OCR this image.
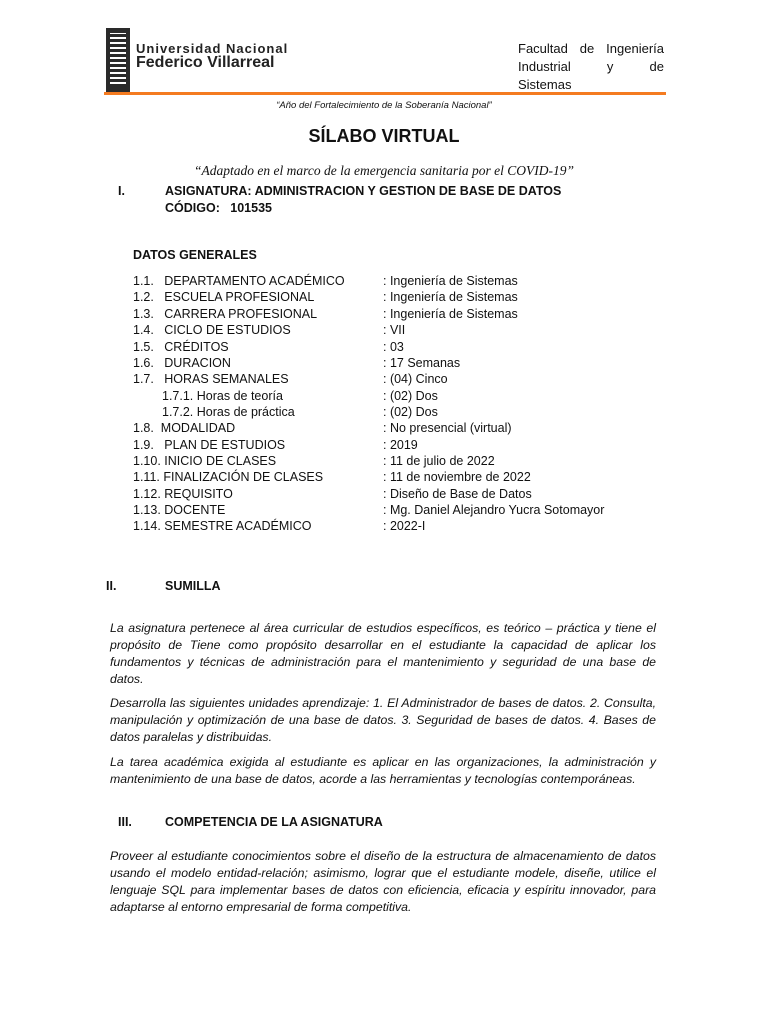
Universidad Nacional
Federico Villarreal
Facultad de Ingeniería
Industrial y de
Sistemas
“Año del Fortalecimiento de la Soberanía Nacional”
SÍLABO VIRTUAL
“Adaptado en el marco de la emergencia sanitaria por el COVID-19”
I.	ASIGNATURA: ADMINISTRACION Y GESTION DE BASE DE DATOS
CÓDIGO:   101535
DATOS GENERALES
1.1.   DEPARTAMENTO ACADÉMICO	: Ingeniería de Sistemas
1.2.   ESCUELA PROFESIONAL	: Ingeniería de Sistemas
1.3.   CARRERA PROFESIONAL	: Ingeniería de Sistemas
1.4.   CICLO DE ESTUDIOS	: VII
1.5.   CRÉDITOS	: 03
1.6.   DURACION	: 17 Semanas
1.7.   HORAS SEMANALES	: (04) Cinco
1.7.1. Horas de teoría	: (02) Dos
1.7.2. Horas de práctica	: (02) Dos
1.8.  MODALIDAD	: No presencial (virtual)
1.9.   PLAN DE ESTUDIOS	: 2019
1.10. INICIO DE CLASES	: 11 de julio de 2022
1.11. FINALIZACIÓN DE CLASES	: 11 de noviembre de 2022
1.12. REQUISITO	: Diseño de Base de Datos
1.13. DOCENTE	: Mg. Daniel Alejandro Yucra Sotomayor
1.14. SEMESTRE ACADÉMICO	: 2022-I
II.	SUMILLA
La asignatura pertenece al área curricular de estudios específicos, es teórico – práctica y tiene el propósito de Tiene como propósito desarrollar en el estudiante la capacidad de aplicar los fundamentos y técnicas de administración para el mantenimiento y seguridad de una base de datos.
Desarrolla las siguientes unidades aprendizaje: 1. El Administrador de bases de datos. 2. Consulta, manipulación y optimización de una base de datos. 3. Seguridad de bases de datos. 4. Bases de datos paralelas y distribuidas.
La tarea académica exigida al estudiante es aplicar en las organizaciones, la administración y mantenimiento de una base de datos, acorde a las herramientas y tecnologías contemporáneas.
III.	COMPETENCIA DE LA ASIGNATURA
Proveer al estudiante conocimientos sobre el diseño de la estructura de almacenamiento de datos usando el modelo entidad-relación; asimismo, lograr que el estudiante modele, diseñe, utilice el lenguaje SQL para implementar bases de datos con eficiencia, eficacia y espíritu innovador, para adaptarse al entorno empresarial de forma competitiva.
